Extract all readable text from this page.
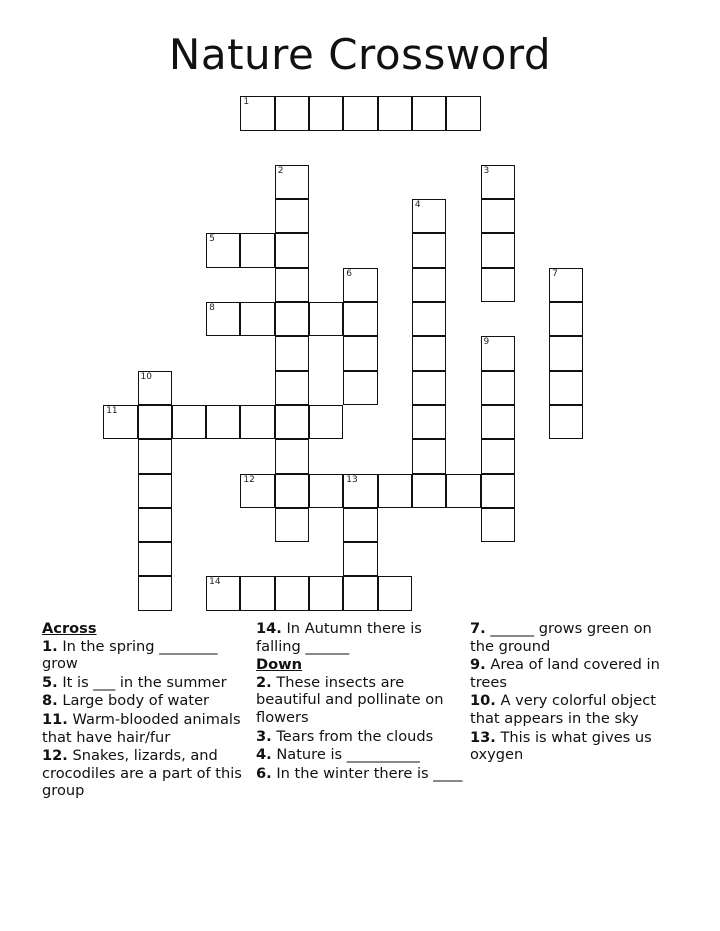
Nature Crossword
1
2	3
4
5
6	7
8
9
10
11
12	13
14
Across
1. In the spring ________ grow
5. It is ___ in the summer
8. Large body of water
11. Warm-blooded animals that have hair/fur
12. Snakes, lizards, and crocodiles are a part of this group
14. In Autumn there is falling ______
Down
2. These insects are beautiful and pollinate on flowers
3. Tears from the clouds
4. Nature is __________
6. In the winter there is ____
7. ______ grows green on the ground
9. Area of land covered in trees
10. A very colorful object that appears in the sky
13. This is what gives us oxygen
